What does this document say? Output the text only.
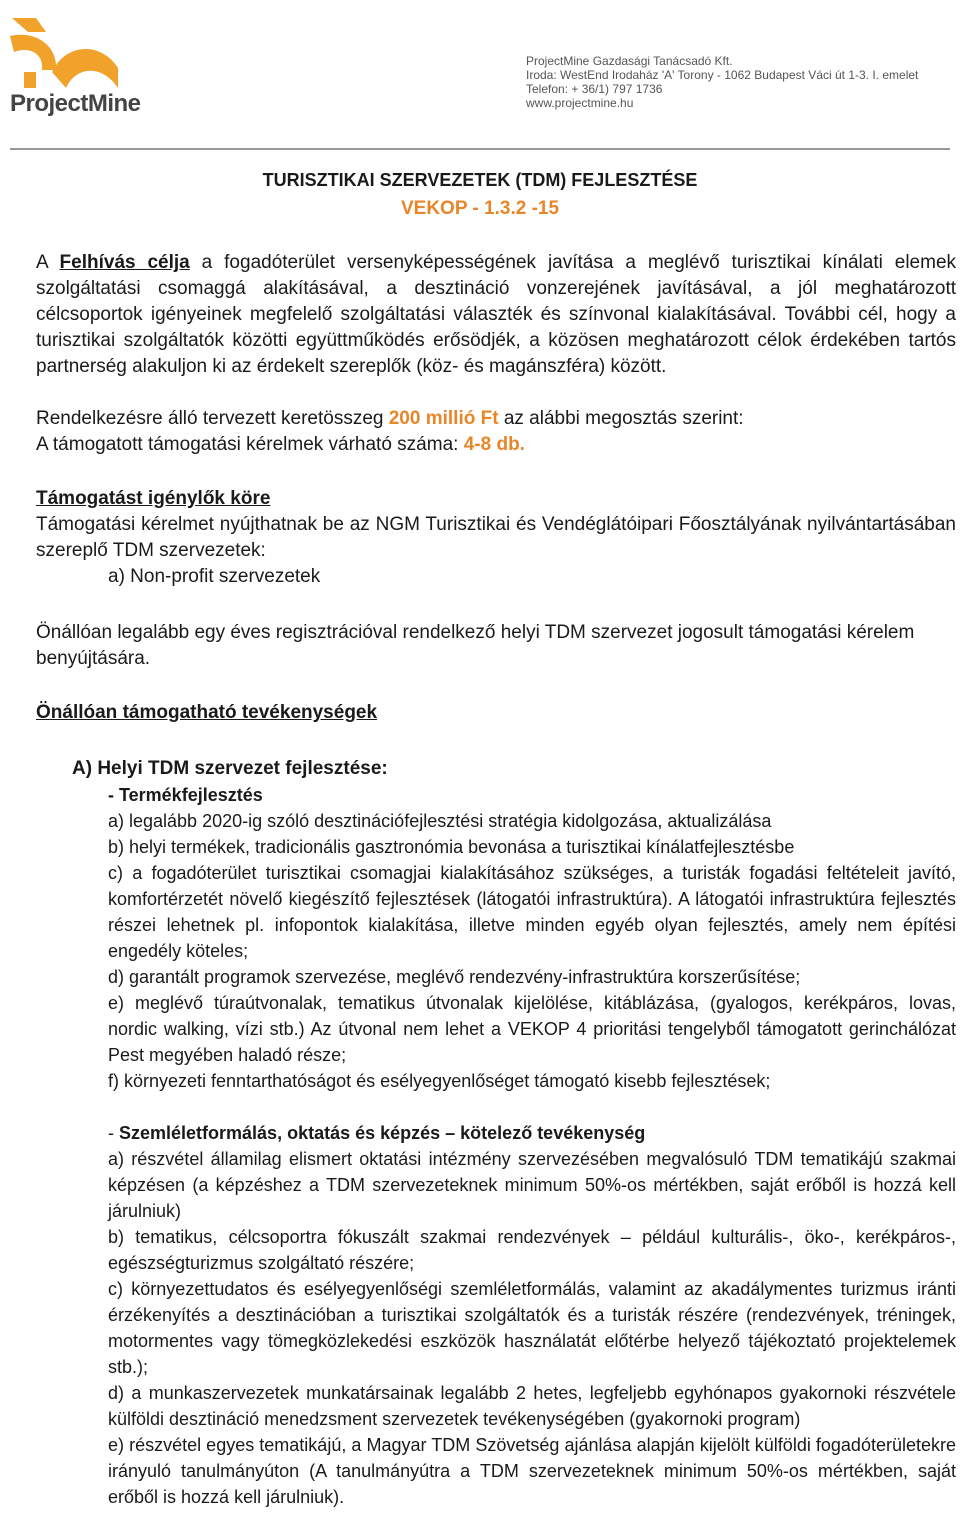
ProjectMine
ProjectMine Gazdasági Tanácsadó Kft.
Iroda: WestEnd Irodaház 'A' Torony - 1062 Budapest Váci út 1-3. I. emelet
Telefon: + 36/1) 797 1736
www.projectmine.hu
TURISZTIKAI SZERVEZETEK (TDM) FEJLESZTÉSE
VEKOP - 1.3.2 -15

A Felhívás célja a fogadóterület versenyképességének javítása a meglévő turisztikai kínálati elemek szolgáltatási csomaggá alakításával, a desztináció vonzerejének javításával, a jól meghatározott célcsoportok igényeinek megfelelő szolgáltatási választék és színvonal kialakításával. További cél, hogy a turisztikai szolgáltatók közötti együttműködés erősödjék, a közösen meghatározott célok érdekében tartós partnerség alakuljon ki az érdekelt szereplők (köz- és magánszféra) között.

Rendelkezésre álló tervezett keretösszeg 200 millió Ft az alábbi megosztás szerint:

A támogatott támogatási kérelmek várható száma: 4-8 db.

Támogatást igénylők köre

Támogatási kérelmet nyújthatnak be az NGM Turisztikai és Vendéglátóipari Főosztályának nyilvántartásában szereplő TDM szervezetek:

a) Non-profit szervezetek

Önállóan legalább egy éves regisztrációval rendelkező helyi TDM szervezet jogosult támogatási kérelem benyújtására.

Önállóan támogatható tevékenységek

A) Helyi TDM szervezet fejlesztése:

- Termékfejlesztés

a) legalább 2020-ig szóló desztinációfejlesztési stratégia kidolgozása, aktualizálása

b) helyi termékek, tradicionális gasztronómia bevonása a turisztikai kínálatfejlesztésbe

c) a fogadóterület turisztikai csomagjai kialakításához szükséges, a turisták fogadási feltételeit javító, komfortérzetét növelő kiegészítő fejlesztések (látogatói infrastruktúra). A látogatói infrastruktúra fejlesztés részei lehetnek pl. infopontok kialakítása, illetve minden egyéb olyan fejlesztés, amely nem építési engedély köteles;

d) garantált programok szervezése, meglévő rendezvény-infrastruktúra korszerűsítése;

e) meglévő túraútvonalak, tematikus útvonalak kijelölése, kitáblázása, (gyalogos, kerékpáros, lovas, nordic walking, vízi stb.) Az útvonal nem lehet a VEKOP 4 prioritási tengelyből támogatott gerinchálózat Pest megyében haladó része;

f) környezeti fenntarthatóságot és esélyegyenlőséget támogató kisebb fejlesztések;

- Szemléletformálás, oktatás és képzés – kötelező tevékenység

a) részvétel államilag elismert oktatási intézmény szervezésében megvalósuló TDM tematikájú szakmai képzésen (a képzéshez a TDM szervezeteknek minimum 50%-os mértékben, saját erőből is hozzá kell járulniuk)

b) tematikus, célcsoportra fókuszált szakmai rendezvények – például kulturális-, öko-, kerékpáros-, egészségturizmus szolgáltató részére;

c) környezettudatos és esélyegyenlőségi szemléletformálás, valamint az akadálymentes turizmus iránti érzékenyítés a desztinációban a turisztikai szolgáltatók és a turisták részére (rendezvények, tréningek, motormentes vagy tömegközlekedési eszközök használatát előtérbe helyező tájékoztató projektelemek stb.);

d) a munkaszervezetek munkatársainak legalább 2 hetes, legfeljebb egyhónapos gyakornoki részvétele külföldi desztináció menedzsment szervezetek tevékenységében (gyakornoki program)

e) részvétel egyes tematikájú, a Magyar TDM Szövetség ajánlása alapján kijelölt külföldi fogadóterületekre irányuló tanulmányúton (A tanulmányútra a TDM szervezeteknek minimum 50%-os mértékben, saját erőből is hozzá kell járulniuk).
